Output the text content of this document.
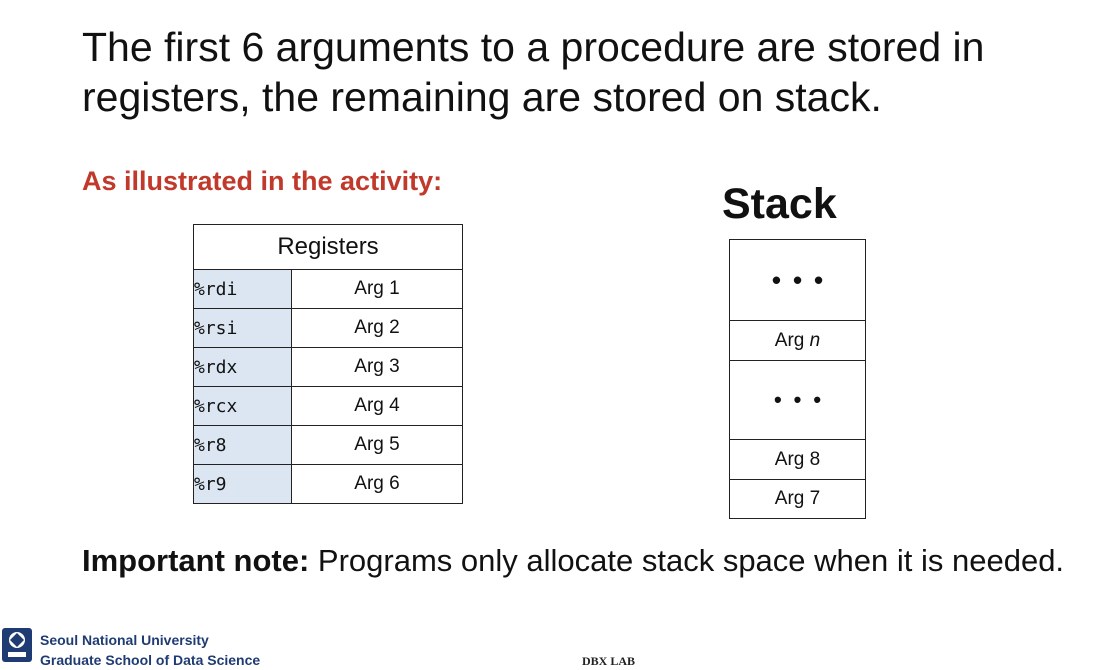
The first 6 arguments to a procedure are stored in registers, the remaining are stored on stack.
As illustrated in the activity:	Stack
Registers	
%rdi	Arg 1
%rsi	Arg 2
%rdx	Arg 3
%rcx	Arg 4
%r8	Arg 5
%r9	Arg 6
•••
Arg n
•••
Arg 8
Arg 7
Important note: Programs only allocate stack space when it is needed.
Seoul National University
Graduate School of Data Science	DBX LAB
